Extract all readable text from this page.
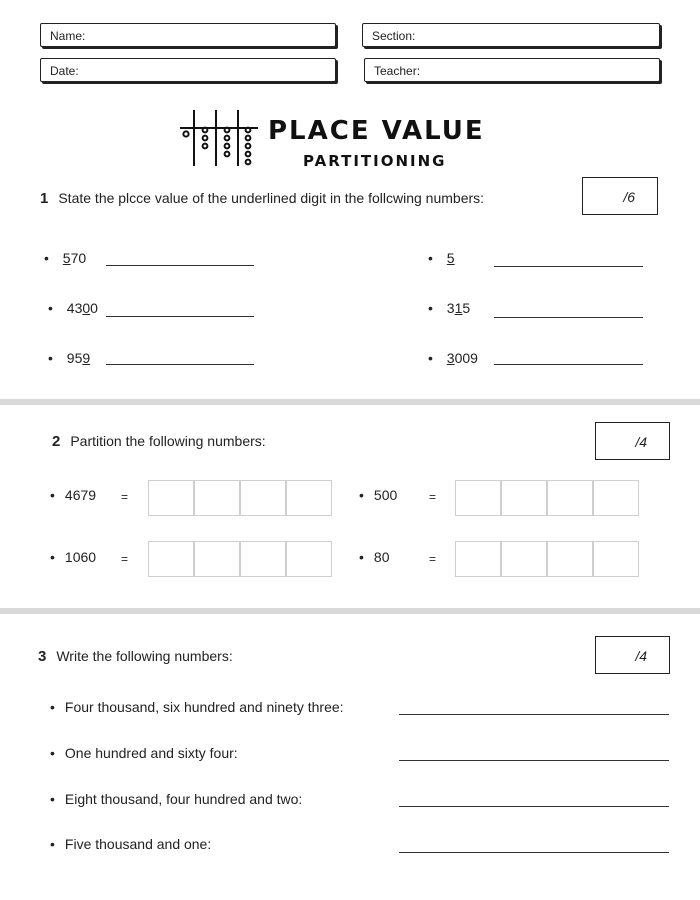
Name:	Section:
Date:	Teacher:
PLACE VALUE
PARTITIONING
1 State the plcce value of the underlined digit in the follcwing numbers:	/6
• 570	• 5
• 4300	• 315
• 959	• 3009
2 Partition the following numbers:	/4
• 4679 =	• 500	=
• 1060 =	• 80	=
3 Write the following numbers:	/4
• Four thousand, six hundred and ninety three:
• One hundred and sixty four:
• Eight thousand, four hundred and two:
• Five thousand and one:
